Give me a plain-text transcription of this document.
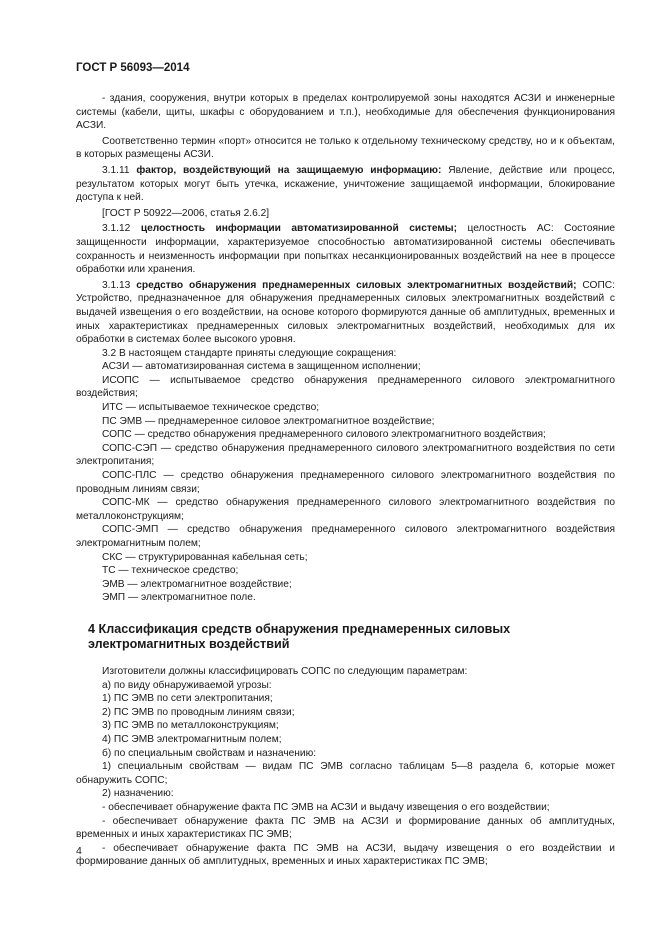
ГОСТ Р 56093—2014

- здания, сооружения, внутри которых в пределах контролируемой зоны находятся АСЗИ и инженерные системы (кабели, щиты, шкафы с оборудованием и т.п.), необходимые для обеспечения функционирования АСЗИ.

Соответственно термин «порт» относится не только к отдельному техническому средству, но и к объектам, в которых размещены АСЗИ.

3.1.11 фактор, воздействующий на защищаемую информацию: Явление, действие или процесс, результатом которых могут быть утечка, искажение, уничтожение защищаемой информации, блокирование доступа к ней.

[ГОСТ Р 50922—2006, статья 2.6.2]

3.1.12 целостность информации автоматизированной системы; целостность АС: Состояние защищенности информации, характеризуемое способностью автоматизированной системы обеспечивать сохранность и неизменность информации при попытках несанкционированных воздействий на нее в процессе обработки или хранения.

3.1.13 средство обнаружения преднамеренных силовых электромагнитных воздействий; СОПС: Устройство, предназначенное для обнаружения преднамеренных силовых электромагнитных воздействий с выдачей извещения о его воздействии, на основе которого формируются данные об амплитудных, временных и иных характеристиках преднамеренных силовых электромагнитных воздействий, необходимых для их обработки в системах более высокого уровня.

3.2 В настоящем стандарте приняты следующие сокращения:

АСЗИ — автоматизированная система в защищенном исполнении;

ИСОПС — испытываемое средство обнаружения преднамеренного силового электромагнитного воздействия;

ИТС — испытываемое техническое средство;

ПС ЭМВ — преднамеренное силовое электромагнитное воздействие;

СОПС — средство обнаружения преднамеренного силового электромагнитного воздействия;

СОПС-СЭП — средство обнаружения преднамеренного силового электромагнитного воздействия по сети электропитания;

СОПС-ПЛС — средство обнаружения преднамеренного силового электромагнитного воздействия по проводным линиям связи;

СОПС-МК — средство обнаружения преднамеренного силового электромагнитного воздействия по металлоконструкциям;

СОПС-ЭМП — средство обнаружения преднамеренного силового электромагнитного воздействия электромагнитным полем;

СКС — структурированная кабельная сеть;

ТС — техническое средство;

ЭМВ — электромагнитное воздействие;

ЭМП — электромагнитное поле.

4 Классификация средств обнаружения преднамеренных силовых электромагнитных воздействий

Изготовители должны классифицировать СОПС по следующим параметрам:

а) по виду обнаруживаемой угрозы:

1) ПС ЭМВ по сети электропитания;

2) ПС ЭМВ по проводным линиям связи;

3) ПС ЭМВ по металлоконструкциям;

4) ПС ЭМВ электромагнитным полем;

б) по специальным свойствам и назначению:

1) специальным свойствам — видам ПС ЭМВ согласно таблицам 5—8 раздела 6, которые может обнаружить СОПС;

2) назначению:

- обеспечивает обнаружение факта ПС ЭМВ на АСЗИ и выдачу извещения о его воздействии;

- обеспечивает обнаружение факта ПС ЭМВ на АСЗИ и формирование данных об амплитудных, временных и иных характеристиках ПС ЭМВ;

- обеспечивает обнаружение факта ПС ЭМВ на АСЗИ, выдачу извещения о его воздействии и формирование данных об амплитудных, временных и иных характеристиках ПС ЭМВ;

4
